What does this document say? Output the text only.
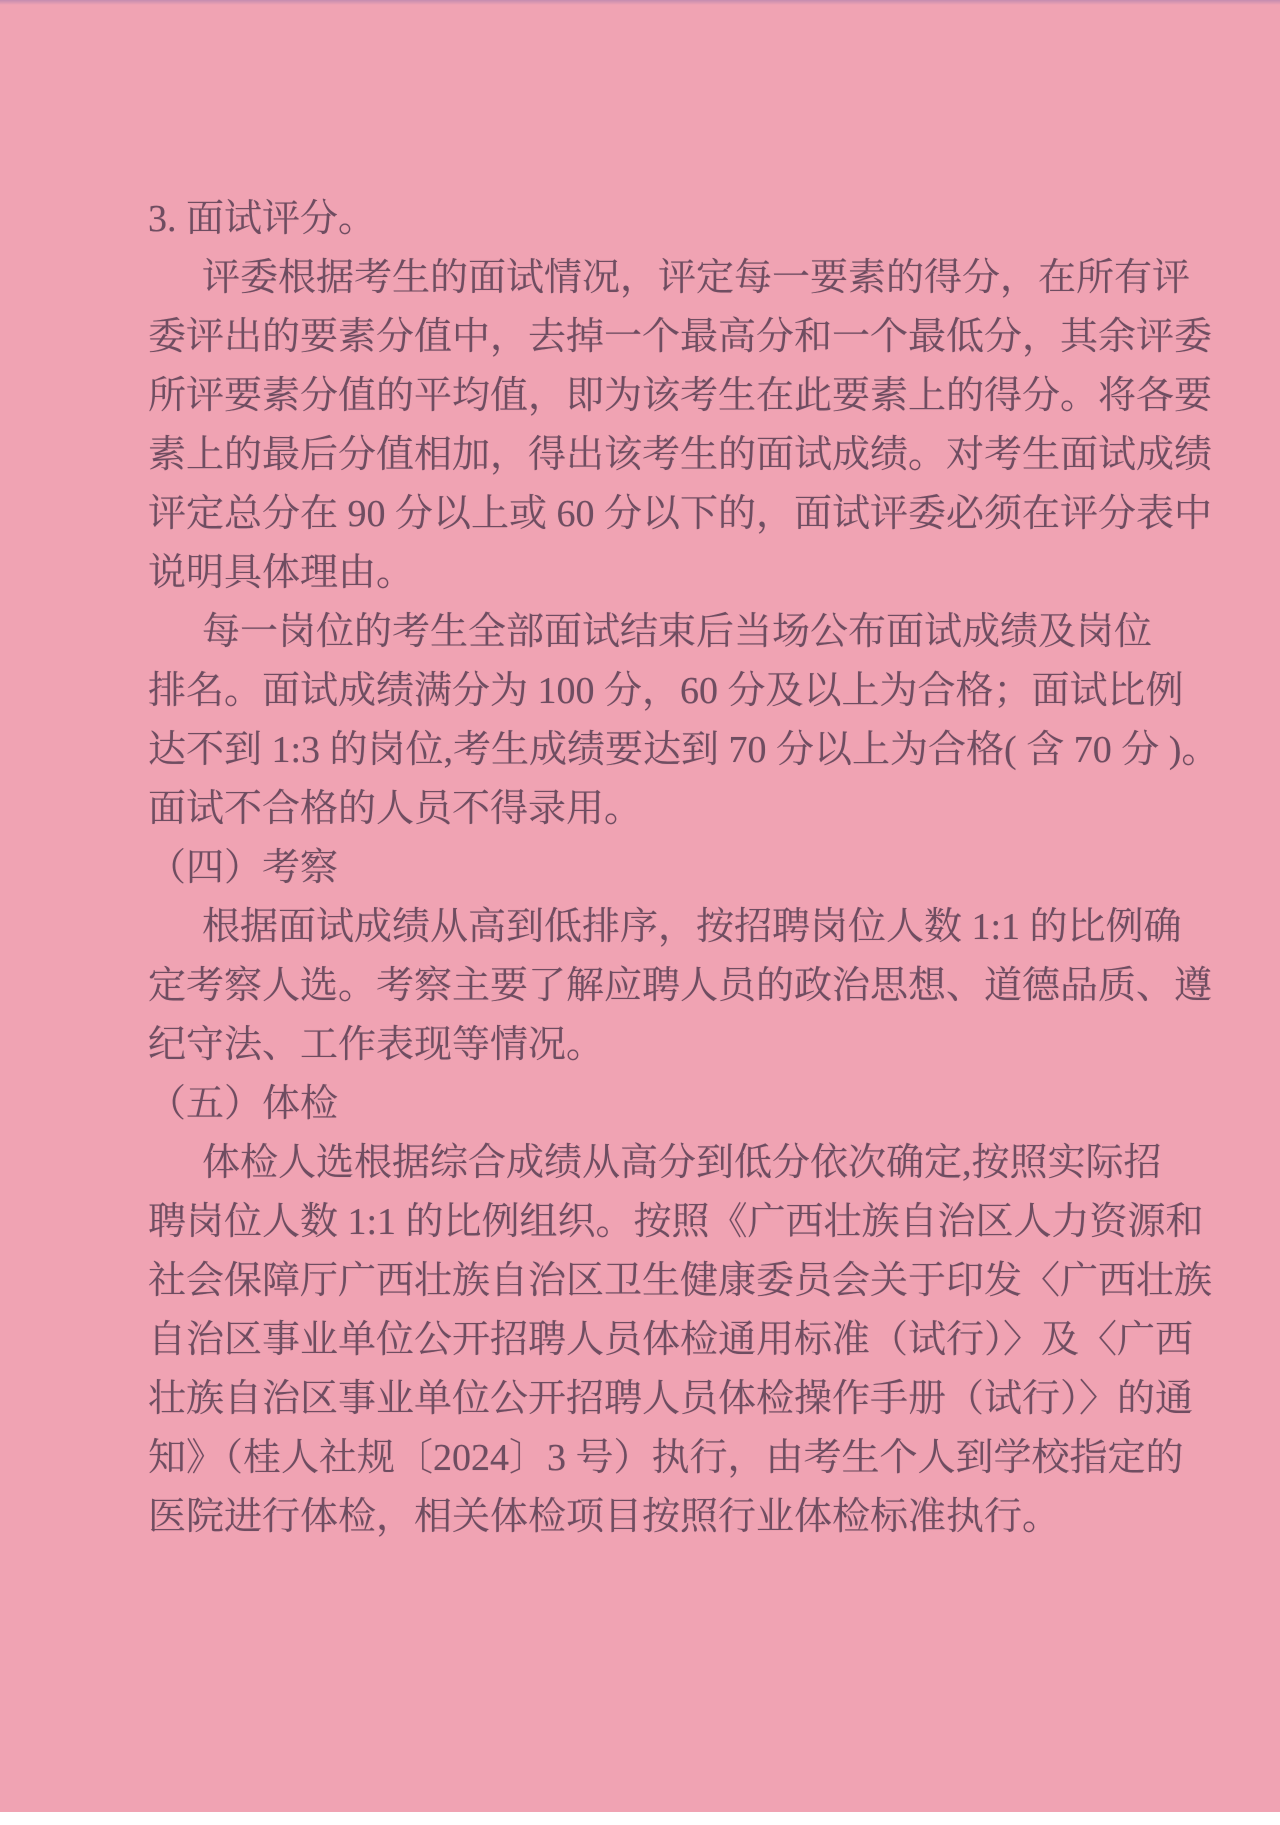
3. 面试评分。
评委根据考生的面试情况，评定每一要素的得分，在所有评
委评出的要素分值中，去掉一个最高分和一个最低分，其余评委
所评要素分值的平均值，即为该考生在此要素上的得分。将各要
素上的最后分值相加，得出该考生的面试成绩。对考生面试成绩
评定总分在 90 分以上或 60 分以下的，面试评委必须在评分表中
说明具体理由。
每一岗位的考生全部面试结束后当场公布面试成绩及岗位
排名。面试成绩满分为 100 分，60 分及以上为合格；面试比例
达不到 1:3 的岗位,考生成绩要达到 70 分以上为合格( 含 70 分 )。
面试不合格的人员不得录用。
（四）考察
根据面试成绩从高到低排序，按招聘岗位人数 1:1 的比例确
定考察人选。考察主要了解应聘人员的政治思想、道德品质、遵
纪守法、工作表现等情况。
（五）体检
体检人选根据综合成绩从高分到低分依次确定,按照实际招
聘岗位人数 1:1 的比例组织。按照《广西壮族自治区人力资源和
社会保障厅广西壮族自治区卫生健康委员会关于印发〈广西壮族
自治区事业单位公开招聘人员体检通用标准（试行）〉及〈广西
壮族自治区事业单位公开招聘人员体检操作手册（试行）〉的通
知》（桂人社规〔2024〕3 号）执行，由考生个人到学校指定的
医院进行体检，相关体检项目按照行业体检标准执行。
